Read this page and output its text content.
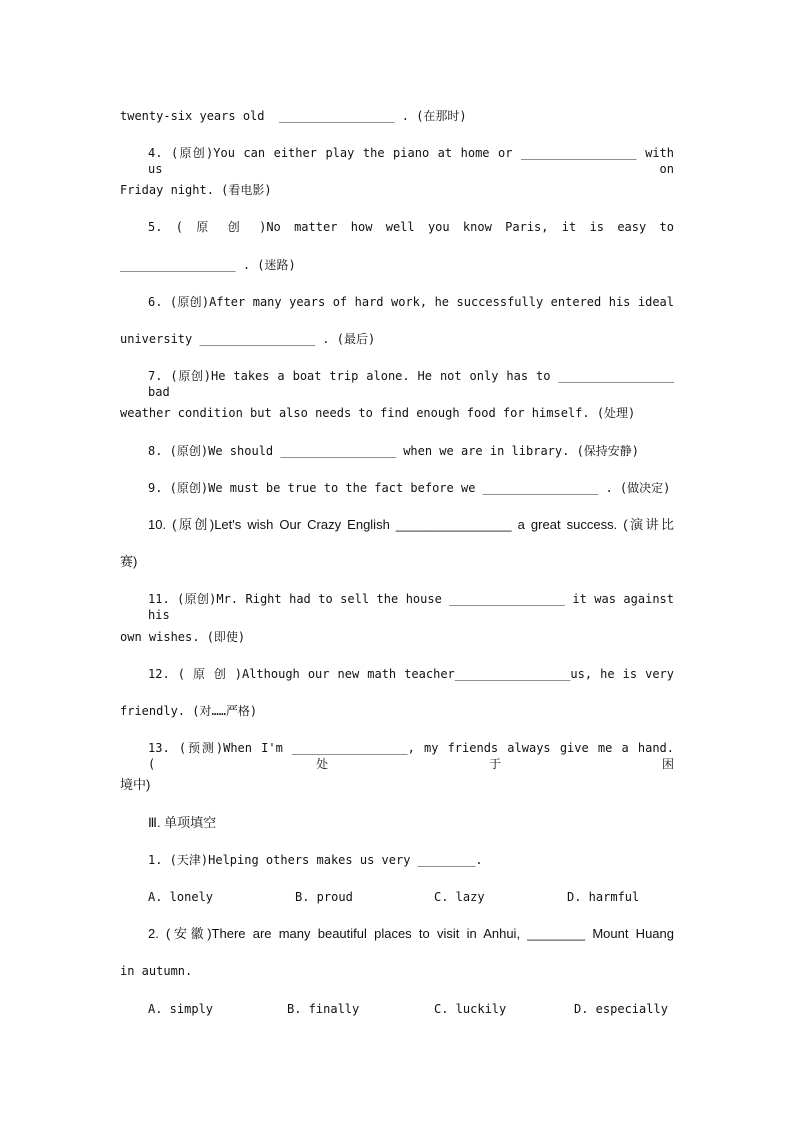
twenty-six years old  ________________ . (在那时)
4. (原创)You can either play the piano at home or ________________ with us on
Friday night. (看电影)
5. ( 原 创 )No matter how well you know Paris, it is easy to
________________ . (迷路)
6. (原创)After many years of hard work, he successfully entered his ideal
university ________________ . (最后)
7. (原创)He takes a boat trip alone. He not only has to ________________ bad
weather condition but also needs to find enough food for himself. (处理)
8. (原创)We should ________________ when we are in library. (保持安静)
9. (原创)We must be true to the fact before we ________________ . (做决定)
10. (原创)Let's wish Our Crazy English ________________ a great success. (演讲比
赛)
11. (原创)Mr. Right had to sell the house ________________ it was against his
own wishes. (即使)
12. ( 原 创 )Although our new math teacher________________us, he is very
friendly. (对……严格)
13. (预测)When I'm ________________, my friends always give me a hand. (处于困
境中)
Ⅲ. 单项填空
1. (天津)Helping others makes us very ________.
A. lonely	B. proud	C. lazy	D. harmful
2. (安徽)There are many beautiful places to visit in Anhui, ________ Mount Huang
in autumn.
A. simply	B. finally	C. luckily	D. especially
